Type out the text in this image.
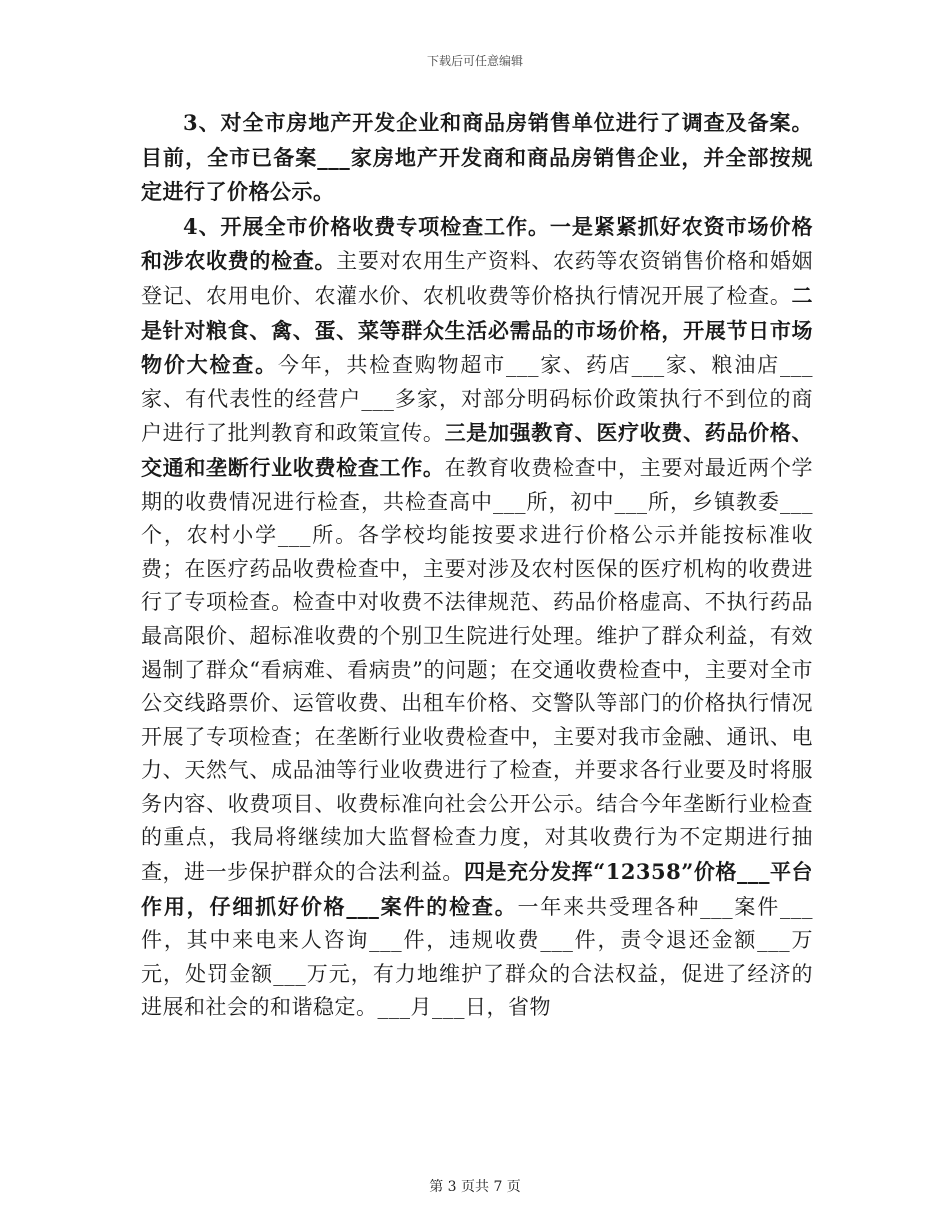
下载后可任意编辑

3、对全市房地产开发企业和商品房销售单位进行了调查及备案。目前，全市已备案___家房地产开发商和商品房销售企业，并全部按规定进行了价格公示。

4、开展全市价格收费专项检查工作。一是紧紧抓好农资市场价格和涉农收费的检查。主要对农用生产资料、农药等农资销售价格和婚姻登记、农用电价、农灌水价、农机收费等价格执行情况开展了检查。二是针对粮食、禽、蛋、菜等群众生活必需品的市场价格，开展节日市场物价大检查。今年，共检查购物超市___家、药店___家、粮油店___家、有代表性的经营户___多家，对部分明码标价政策执行不到位的商户进行了批判教育和政策宣传。三是加强教育、医疗收费、药品价格、交通和垄断行业收费检查工作。在教育收费检查中，主要对最近两个学期的收费情况进行检查，共检查高中___所，初中___所，乡镇教委___个，农村小学___所。各学校均能按要求进行价格公示并能按标准收费；在医疗药品收费检查中，主要对涉及农村医保的医疗机构的收费进行了专项检查。检查中对收费不法律规范、药品价格虚高、不执行药品最高限价、超标准收费的个别卫生院进行处理。维护了群众利益，有效遏制了群众“看病难、看病贵”的问题；在交通收费检查中，主要对全市公交线路票价、运管收费、出租车价格、交警队等部门的价格执行情况开展了专项检查；在垄断行业收费检查中，主要对我市金融、通讯、电力、天然气、成品油等行业收费进行了检查，并要求各行业要及时将服务内容、收费项目、收费标准向社会公开公示。结合今年垄断行业检查的重点，我局将继续加大监督检查力度，对其收费行为不定期进行抽查，进一步保护群众的合法利益。四是充分发挥“12358”价格___平台作用，仔细抓好价格___案件的检查。一年来共受理各种___案件___件，其中来电来人咨询___件，违规收费___件，责令退还金额___万元，处罚金额___万元，有力地维护了群众的合法权益，促进了经济的进展和社会的和谐稳定。___月___日，省物

第 3 页共 7 页
